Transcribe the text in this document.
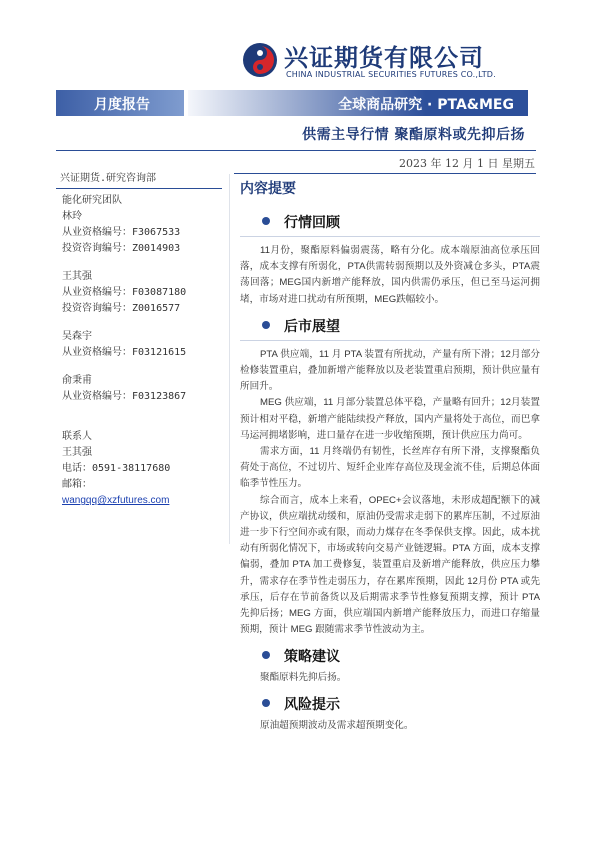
兴证期货有限公司
CHINA INDUSTRIAL SECURITIES FUTURES CO.,LTD.
月度报告	全球商品研究 · PTA&MEG
供需主导行情 聚酯原料或先抑后扬
2023 年 12 月 1 日 星期五
兴证期货.研究咨询部
能化研究团队
林玲
从业资格编号：F3067533
投资咨询编号：Z0014903
王其强
从业资格编号：F03087180
投资咨询编号：Z0016577
吴森宇
从业资格编号：F03121615
俞秉甫
从业资格编号：F03123867
联系人
王其强
电话：0591-38117680
邮箱：
wangqq@xzfutures.com
内容提要
行情回顾

11月份，聚酯原料偏弱震荡，略有分化。成本端原油高位承压回落，成本支撑有所弱化，PTA供需转弱预期以及外资减仓多头，PTA震荡回落；MEG国内新增产能释放，国内供需仍承压，但已至马运河拥堵，市场对进口扰动有所预期，MEG跌幅较小。

后市展望

PTA 供应端，11 月 PTA 装置有所扰动，产量有所下滑；12月部分检修装置重启，叠加新增产能释放以及老装置重启预期，预计供应量有所回升。

MEG 供应端，11 月部分装置总体平稳，产量略有回升；12月装置预计相对平稳，新增产能陆续投产释放，国内产量将处于高位，而巴拿马运河拥堵影响，进口量存在进一步收缩预期，预计供应压力尚可。

需求方面，11 月终端仍有韧性，长丝库存有所下滑，支撑聚酯负荷处于高位，不过切片、短纤企业库存高位及现金流不佳，后期总体面临季节性压力。

综合而言，成本上来看，OPEC+会议落地，未形成超配额下的减产协议，供应端扰动缓和，原油仍受需求走弱下的累库压制，不过原油进一步下行空间亦或有限，而动力煤存在冬季保供支撑。因此，成本扰动有所弱化情况下，市场或转向交易产业链逻辑。PTA 方面，成本支撑偏弱，叠加 PTA 加工费修复，装置重启及新增产能释放，供应压力攀升，需求存在季节性走弱压力，存在累库预期，因此 12月份 PTA 或先承压，后存在节前备货以及后期需求季节性修复预期支撑，预计 PTA 先抑后扬；MEG 方面，供应端国内新增产能释放压力，而进口存缩量预期，预计 MEG 跟随需求季节性波动为主。

策略建议

聚酯原料先抑后扬。

风险提示

原油超预期波动及需求超预期变化。
